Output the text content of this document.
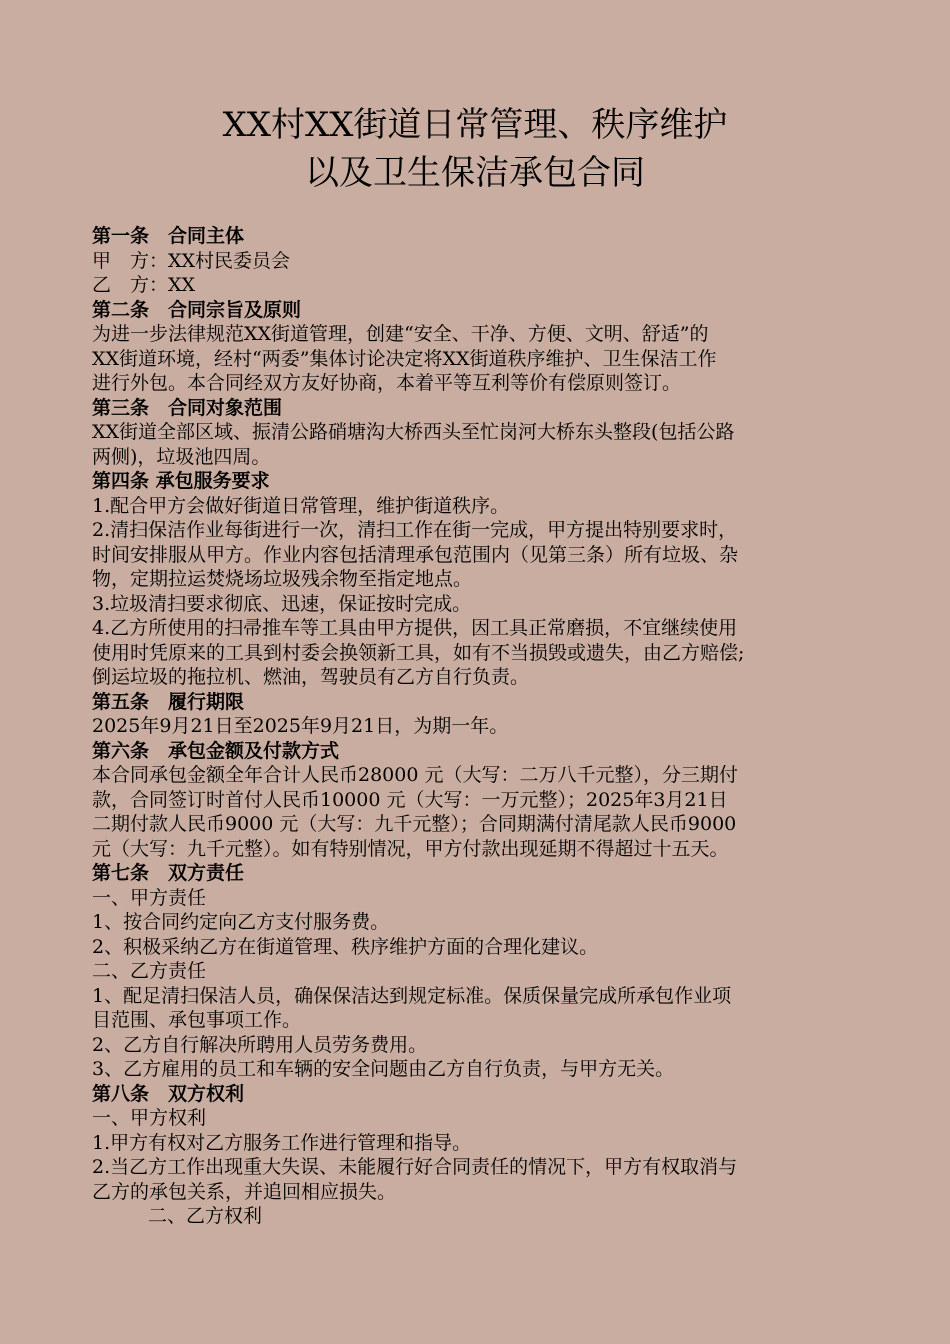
XX村XX街道日常管理、秩序维护
以及卫生保洁承包合同
第一条　合同主体
甲　方：XX村民委员会
乙　方：XX
第二条　合同宗旨及原则
为进一步法律规范XX街道管理，创建“安全、干净、方便、文明、舒适”的
XX街道环境，经村“两委”集体讨论决定将XX街道秩序维护、卫生保洁工作
进行外包。本合同经双方友好协商，本着平等互利等价有偿原则签订。
第三条　合同对象范围
XX街道全部区域、振清公路硝塘沟大桥西头至忙岗河大桥东头整段(包括公路
两侧)，垃圾池四周。
第四条 承包服务要求
1.配合甲方会做好街道日常管理，维护街道秩序。
2.清扫保洁作业每街进行一次，清扫工作在街一完成，甲方提出特别要求时，
时间安排服从甲方。作业内容包括清理承包范围内（见第三条）所有垃圾、杂
物，定期拉运焚烧场垃圾残余物至指定地点。
3.垃圾清扫要求彻底、迅速，保证按时完成。
4.乙方所使用的扫帚推车等工具由甲方提供，因工具正常磨损，不宜继续使用
使用时凭原来的工具到村委会换领新工具，如有不当损毁或遗失，由乙方赔偿;
倒运垃圾的拖拉机、燃油，驾驶员有乙方自行负责。
第五条　履行期限
2025年9月21日至2025年9月21日，为期一年。
第六条　承包金额及付款方式
本合同承包金额全年合计人民币28000 元（大写：二万八千元整），分三期付
款，合同签订时首付人民币10000 元（大写：一万元整）；2025年3月21日
二期付款人民币9000 元（大写：九千元整）；合同期满付清尾款人民币9000
元（大写：九千元整）。如有特别情况，甲方付款出现延期不得超过十五天。
第七条　双方责任
一、甲方责任
1、按合同约定向乙方支付服务费。
2、积极采纳乙方在街道管理、秩序维护方面的合理化建议。
二、乙方责任
1、配足清扫保洁人员，确保保洁达到规定标准。保质保量完成所承包作业项
目范围、承包事项工作。
2、乙方自行解决所聘用人员劳务费用。
3、乙方雇用的员工和车辆的安全问题由乙方自行负责，与甲方无关。
第八条　双方权利
一、甲方权利
1.甲方有权对乙方服务工作进行管理和指导。
2.当乙方工作出现重大失误、未能履行好合同责任的情况下，甲方有权取消与
乙方的承包关系，并追回相应损失。
二、乙方权利
